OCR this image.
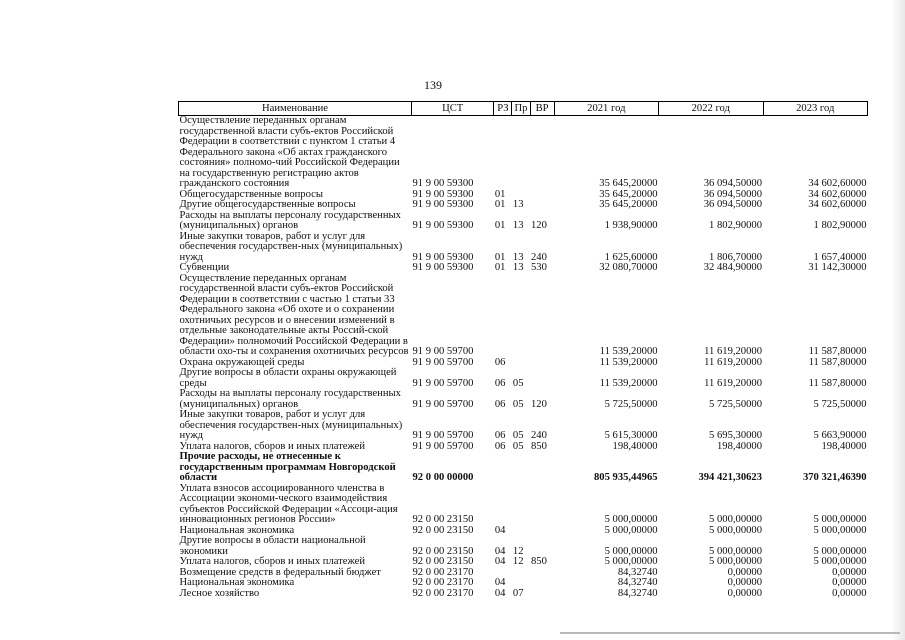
139
Наименование	ЦСТ	РЗ	Пр	ВР	2021 год	2022 год	2023 год
Осуществление переданных органам государственной власти субъ-ектов Российской Федерации в соответствии с пунктом 1 статьи 4 Федерального закона «Об актах гражданского состояния» полномо-чий Российской Федерации на государственную регистрацию актов гражданского состояния	91 9 00 59300				35 645,20000	36 094,50000	34 602,60000
Общегосударственные вопросы	91 9 00 59300	01			35 645,20000	36 094,50000	34 602,60000
Другие общегосударственные вопросы	91 9 00 59300	01	13		35 645,20000	36 094,50000	34 602,60000
Расходы на выплаты персоналу государственных (муниципальных) органов	91 9 00 59300	01	13	120	1 938,90000	1 802,90000	1 802,90000
Иные закупки товаров, работ и услуг для обеспечения государствен-ных (муниципальных) нужд	91 9 00 59300	01	13	240	1 625,60000	1 806,70000	1 657,40000
Субвенции	91 9 00 59300	01	13	530	32 080,70000	32 484,90000	31 142,30000
Осуществление переданных органам государственной власти субъ-ектов Российской Федерации в соответствии с частью 1 статьи 33 Федерального закона «Об охоте и о сохранении охотничьих ресурсов и о внесении изменений в отдельные законодательные акты Россий-ской Федерации» полномочий Российской Федерации в области охо-ты и сохранения охотничьих ресурсов	91 9 00 59700				11 539,20000	11 619,20000	11 587,80000
Охрана окружающей среды	91 9 00 59700	06			11 539,20000	11 619,20000	11 587,80000
Другие вопросы в области охраны окружающей среды	91 9 00 59700	06	05		11 539,20000	11 619,20000	11 587,80000
Расходы на выплаты персоналу государственных (муниципальных) органов	91 9 00 59700	06	05	120	5 725,50000	5 725,50000	5 725,50000
Иные закупки товаров, работ и услуг для обеспечения государствен-ных (муниципальных) нужд	91 9 00 59700	06	05	240	5 615,30000	5 695,30000	5 663,90000
Уплата налогов, сборов и иных платежей	91 9 00 59700	06	05	850	198,40000	198,40000	198,40000
Прочие расходы, не отнесенные к государственным программам Новгородской области	92 0 00 00000				805 935,44965	394 421,30623	370 321,46390
Уплата взносов ассоциированного членства в Ассоциации экономи-ческого взаимодействия субъектов Российской Федерации «Ассоци-ация инновационных регионов России»	92 0 00 23150				5 000,00000	5 000,00000	5 000,00000
Национальная экономика	92 0 00 23150	04			5 000,00000	5 000,00000	5 000,00000
Другие вопросы в области национальной экономики	92 0 00 23150	04	12		5 000,00000	5 000,00000	5 000,00000
Уплата налогов, сборов и иных платежей	92 0 00 23150	04	12	850	5 000,00000	5 000,00000	5 000,00000
Возмещение средств в федеральный бюджет	92 0 00 23170				84,32740	0,00000	0,00000
Национальная экономика	92 0 00 23170	04			84,32740	0,00000	0,00000
Лесное хозяйство	92 0 00 23170	04	07		84,32740	0,00000	0,00000
